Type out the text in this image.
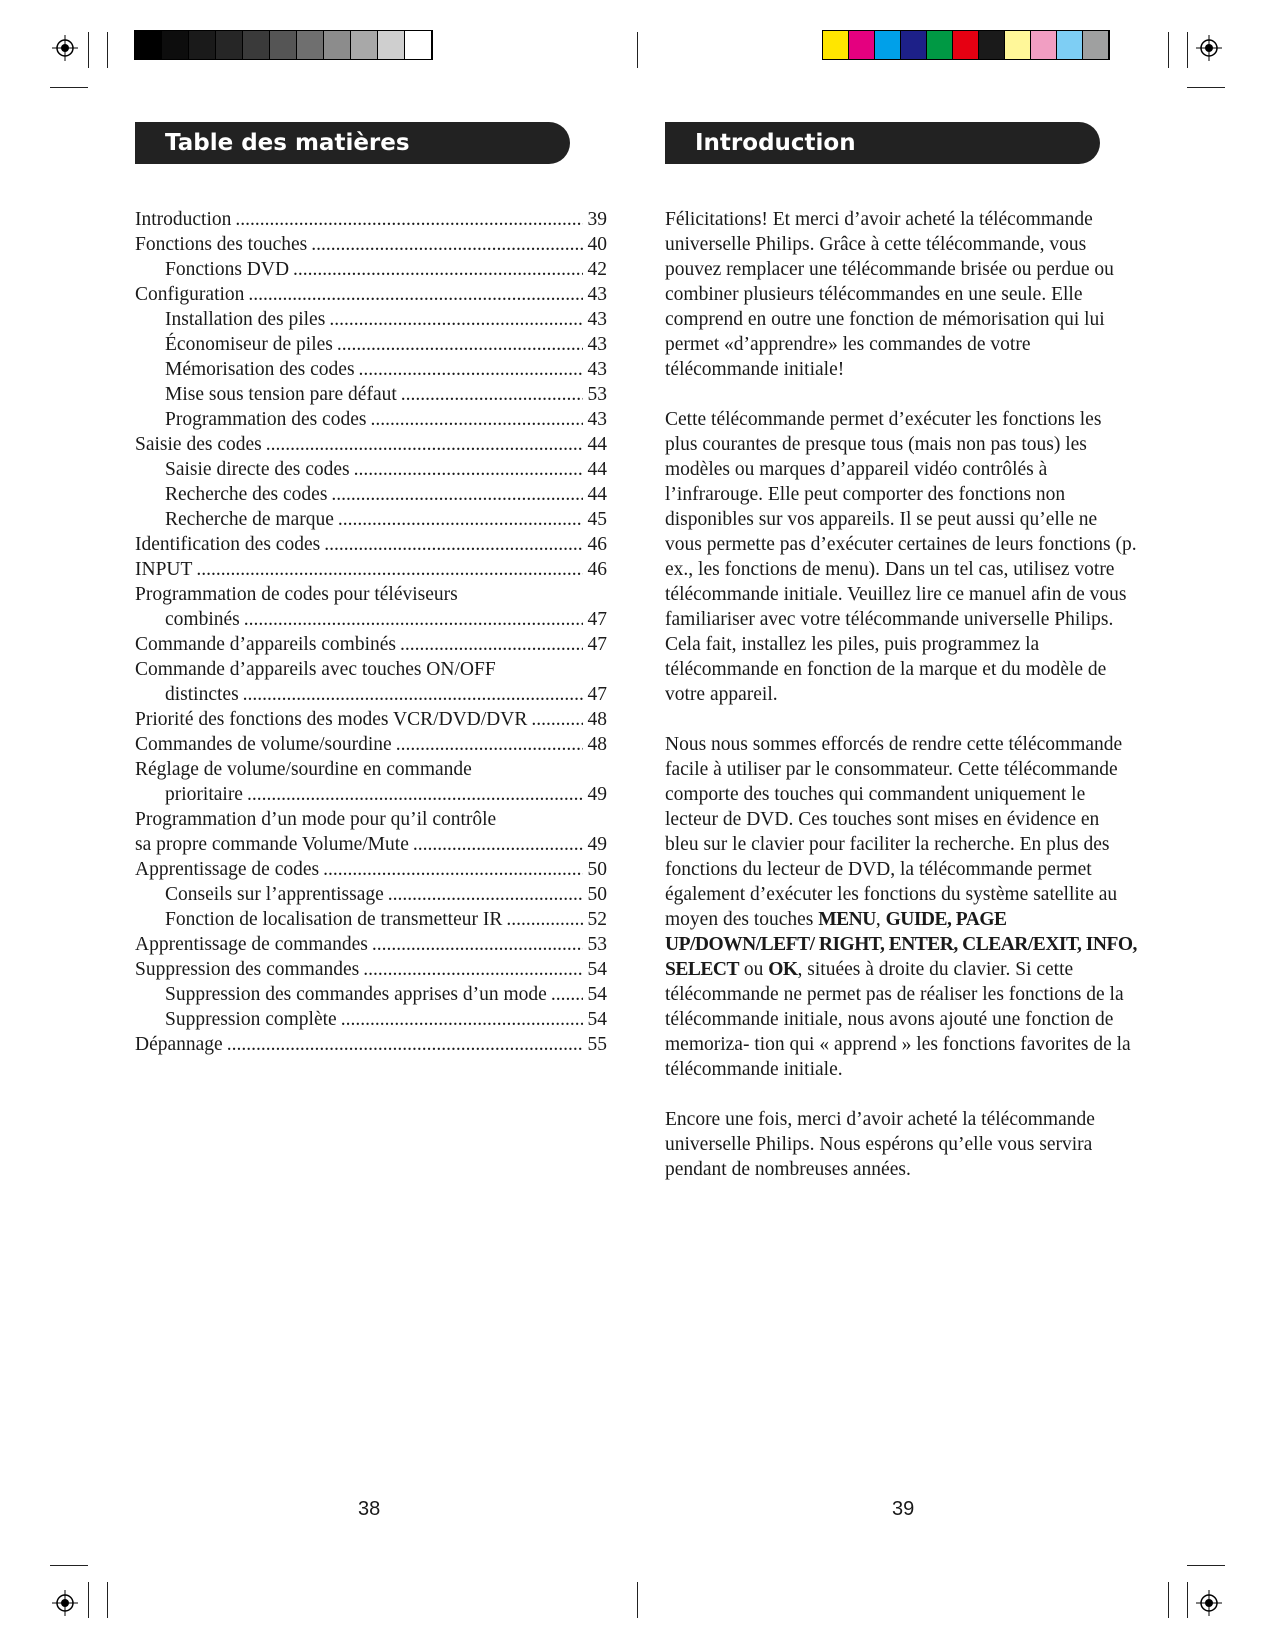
Table des matières
Introduction .....	39
Fonctions des touches .....	40
Fonctions DVD .....	42
Configuration .....	43
Installation des piles .....	43
Économiseur de piles .....	43
Mémorisation des codes .....	43
Mise sous tension pare défaut .....	53
Programmation des codes .....	43
Saisie des codes .....	44
Saisie directe des codes .....	44
Recherche des codes .....	44
Recherche de marque .....	45
Identification des codes .....	46
INPUT .....	46
Programmation de codes pour téléviseurs
combinés .....	47
Commande d’appareils combinés .....	47
Commande d’appareils avec touches ON/OFF
distinctes .....	47
Priorité des fonctions des modes VCR/DVD/DVR .....	48
Commandes de volume/sourdine .....	48
Réglage de volume/sourdine en commande
prioritaire .....	49
Programmation d’un mode pour qu’il contrôle
sa propre commande Volume/Mute .....	49
Apprentissage de codes .....	50
Conseils sur l’apprentissage .....	50
Fonction de localisation de transmetteur IR .....	52
Apprentissage de commandes .....	53
Suppression des commandes .....	54
Suppression des commandes apprises d’un mode ..... 54
Suppression complète .....	54
Dépannage .....	55
38
Introduction

Félicitations! Et merci d’avoir acheté la télécommande universelle Philips. Grâce à cette télécommande, vous pouvez remplacer une télécommande brisée ou perdue ou combiner plusieurs télécommandes en une seule. Elle comprend en outre une fonction de mémorisation qui lui permet «d’apprendre» les commandes de votre télécommande initiale!

Cette télécommande permet d’exécuter les fonctions les plus courantes de presque tous (mais non pas tous) les modèles ou marques d’appareil vidéo contrôlés à l’infrarouge. Elle peut comporter des fonctions non disponibles sur vos appareils. Il se peut aussi qu’elle ne vous permette pas d’exécuter certaines de leurs fonctions (p. ex., les fonctions de menu). Dans un tel cas, utilisez votre télécommande initiale. Veuillez lire ce manuel afin de vous familiariser avec votre télécommande universelle Philips. Cela fait, installez les piles, puis programmez la télécommande en fonction de la marque et du modèle de votre appareil.

Nous nous sommes efforcés de rendre cette télécommande facile à utiliser par le consommateur. Cette télécommande comporte des touches qui commandent uniquement le lecteur de DVD. Ces touches sont mises en évidence en bleu sur le clavier pour faciliter la recherche. En plus des fonctions du lecteur de DVD, la télécommande permet également d’exécuter les fonctions du système satellite au moyen des touches MENU, GUIDE, PAGE UP/DOWN/LEFT/ RIGHT, ENTER, CLEAR/EXIT, INFO, SELECT ou OK, situées à droite du clavier. Si cette télécommande ne permet pas de réaliser les fonctions de la télécommande initiale, nous avons ajouté une fonction de memoriza- tion qui « apprend » les fonctions favorites de la télécommande initiale.

Encore une fois, merci d’avoir acheté la télécommande universelle Philips. Nous espérons qu’elle vous servira pendant de nombreuses années.

39
